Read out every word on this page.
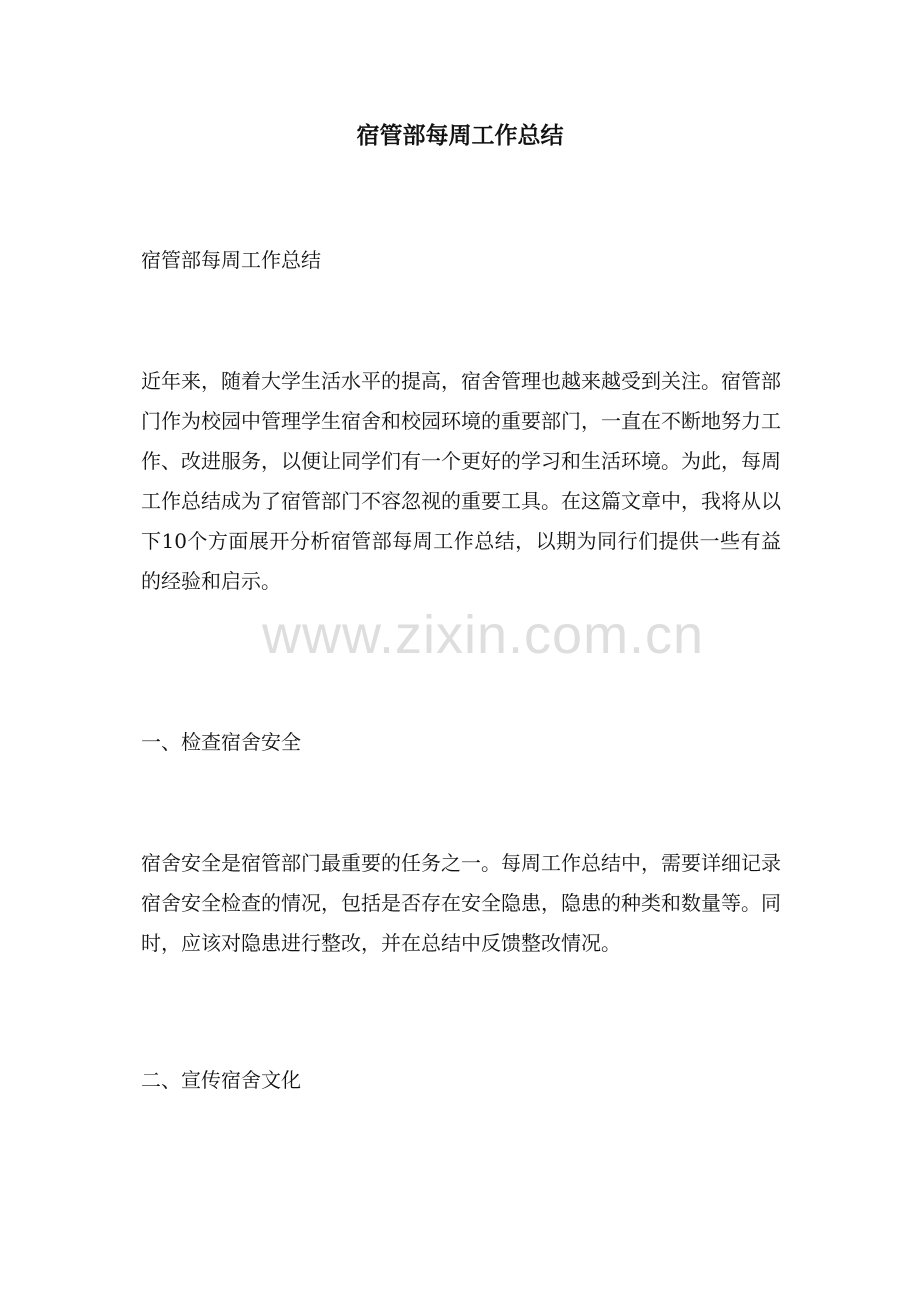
宿管部每周工作总结

宿管部每周工作总结

近年来，随着大学生活水平的提高，宿舍管理也越来越受到关注。宿管部门作为校园中管理学生宿舍和校园环境的重要部门，一直在不断地努力工作、改进服务，以便让同学们有一个更好的学习和生活环境。为此，每周工作总结成为了宿管部门不容忽视的重要工具。在这篇文章中，我将从以下10个方面展开分析宿管部每周工作总结，以期为同行们提供一些有益的经验和启示。

一、检查宿舍安全

宿舍安全是宿管部门最重要的任务之一。每周工作总结中，需要详细记录宿舍安全检查的情况，包括是否存在安全隐患，隐患的种类和数量等。同时，应该对隐患进行整改，并在总结中反馈整改情况。

二、宣传宿舍文化

www.zixin.com.cn
